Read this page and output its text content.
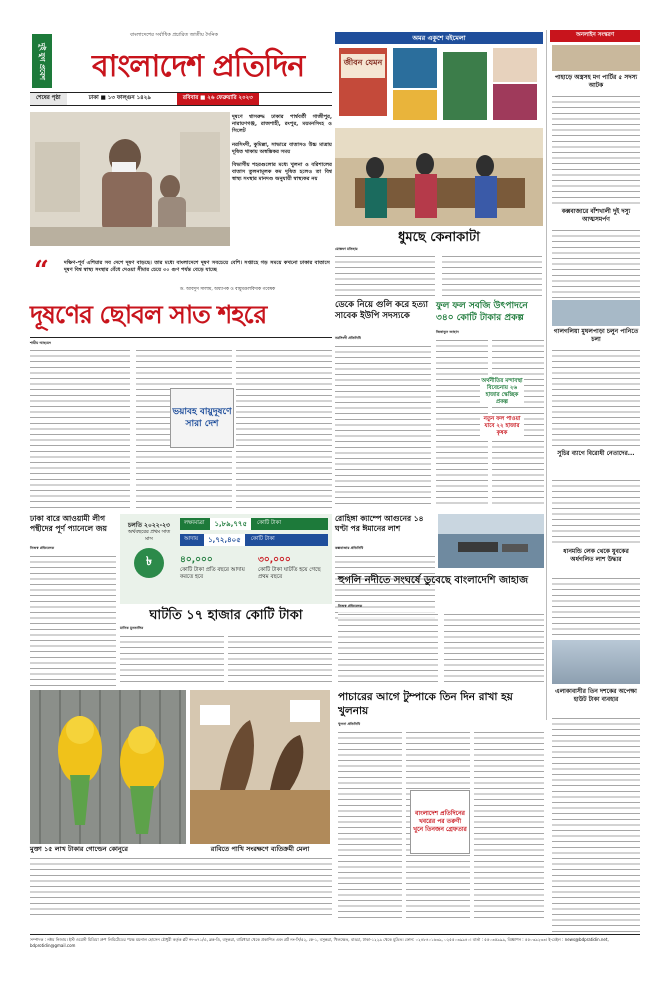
দুই যুগ প্রবেশ
বাংলাদেশের সর্বাধিক প্রচারিত জাতীয় দৈনিক
বাংলাদেশ প্রতিদিন
শেষের পৃষ্ঠা	ঢাকা ■ ১৩ ফাল্গুন ১৪২৯	রবিবার ■ ২৬ ফেব্রুয়ারি ২০২৩
দূষণে শ্বাসরুদ্ধ ঢাকার পার্শ্ববর্তী গাজীপুর, নারায়ণগঞ্জ, রাজশাহী, রংপুর, ময়মনসিংহ ও সিলেট
নরসিংদী, কুমিল্লা, সাভারে বাতাসও উচ্চ মাত্রায় দূষিত থাকায় অস্বস্তিকর সময়
বিভাগীয় শহরগুলোর মধ্যে খুলনা ও বরিশালের বাতাস তুলনামূলক কম দূষিত হলেও তা বিশ্ব স্বাস্থ্য সংস্থার মানদণ্ড অনুযায়ী স্বাস্থ্যকর নয়
“	দক্ষিণ-পূর্ব এশিয়ার সব দেশে দূষণ বাড়ছে। তার মধ্যে বাংলাদেশে দূষণ সবচেয়ে বেশি। সপ্তাহে গড় সময়ে কখনো ঢাকার বাতাসে দূষণ বিশ্ব স্বাস্থ্য সংস্থার বেঁধে দেওয়া সীমার চেয়ে ৩০ গুণ পর্যন্ত বেড়ে যাচ্ছে
ড. আবদুস সালাম, অধ্যাপক ও বায়ুমণ্ডলবিদ্যক গবেষক
দূষণের ছোবল সাত শহরে
শামীম আহমেদ
ভয়াবহ বায়ুদূষণে সারা দেশ
অমর একুশে বইমেলা
জীবন যেমন
ধুমছে কেনাকাটা
মোস্তফা মতিহার
অনলাইন সংস্করণ
পাহাড়ে অস্ত্রসহ মগ পার্টির ৫ সদস্য আটক
কক্সবাজারে বাঁশখালী দুই দস্যু আত্মসমর্পণ
গালগলিয়া মুঘলপাড়া চলুন পানিতে চলা
সুচির ব্যাগে বিরোধী নেতাদের...
ধানমন্ডি লেক থেকে যুবকের অর্ধগলিত লাশ উদ্ধার
এলাকাবাসীর তিন দশকের অপেক্ষা হাউট টাকা ব্যবহার
ডেকে নিয়ে গুলি করে হত্যা সাবেক ইউপি সদস্যকে
নরসিংদী প্রতিনিধি
ফুল ফল সবজি উৎপাদনে ৩৪০ কোটি টাকার প্রকল্প
জিন্নাতুন জাহান
অর্থনীতির মন্দাবস্থা বিবেচনায় ২৬ হাজার স্কেচ্ছিক প্রকল্প
নতুন ফল পাওয়া যাবে ২২ হাজার কৃষক
ঢাকা বারে আওয়ামী লীগ পন্থীদের পূর্ণ প্যানেলে জয়
নিজস্ব প্রতিবেদক
চলতি ২০২২-২৩
অর্থবছরের প্রথম সাত মাস
৳
লক্ষ্যমাত্রা	১,৮৯,৭৭৫	কোটি টাকা
আদায়	১,৭২,৪০৫	কোটি টাকা
৪০,০০০
কোটি টাকা প্রতি বছরে আদায় করতে হবে
৩০,০০০
কোটি টাকা ঘাটতি হয়ে গেছে প্রথম বছরে
ঘাটতি ১৭ হাজার কোটি টাকা
মানিক মুনতাসির
রোহিঙ্গা ক্যাম্পে আগুনের ১৪ ঘণ্টা পর ঈমানের লাশ
কক্সবাজার প্রতিনিধি
হুগলি নদীতে সংঘর্ষে ডুবেছে বাংলাদেশি জাহাজ
নিজস্ব প্রতিবেদক
মুক্তা ১৫ লাখ টাকার গোল্ডেন কোনুরে	রাবিতে পাখি সংরক্ষণে ব্যতিক্রমী মেলা
পাচারের আগে টুম্পাকে তিন দিন রাখা হয় খুলনায়
খুলনা প্রতিনিধি
বাংলাদেশ প্রতিদিনের খবরের পর তরুণী খুনে তিনজন গ্রেফতার
সম্পাদক : নঈম নিজাম। ইস্ট ওয়েস্ট মিডিয়া গ্রুপ লিমিটেডের পক্ষে ময়নাল হোসেন চৌধুরী কর্তৃক প্লট নং-৩৭১/এ, ব্লক-ডি, বসুন্ধরা, বারিধারা থেকে প্রকাশিত এবং প্লট নং-সি/৫২, কে-১, বসুন্ধরা, খিলক্ষেত, বাড্ডা, ঢাকা-১২২৯ থেকে মুদ্রিত। ফোন: ০২৪৮৪০১৬৩৯, ০২৫৫০৩৯৯৪০। বার্তা : ৫৫০৩৫৯৯৯, বিজ্ঞাপন : ৫৫০৩৯২৩৩। ই-মেইল : news@bdpratidin.net, bdprotidin@gmail.com
